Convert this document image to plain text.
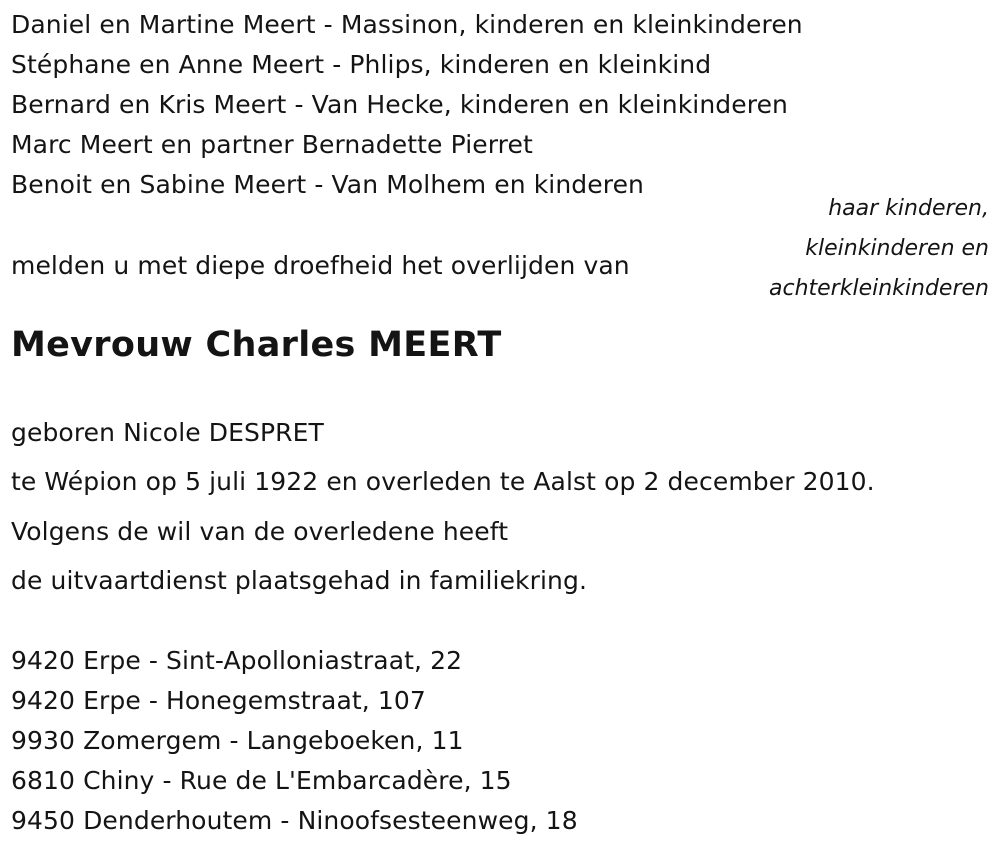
Daniel en Martine Meert - Massinon, kinderen en kleinkinderen
Stéphane en Anne Meert - Phlips, kinderen en kleinkind
Bernard en Kris Meert - Van Hecke, kinderen en kleinkinderen
Marc Meert en partner Bernadette Pierret
Benoit en Sabine Meert - Van Molhem en kinderen
haar kinderen,
kleinkinderen en
achterkleinkinderen
melden u met diepe droefheid het overlijden van
Mevrouw Charles MEERT
geboren Nicole DESPRET
te Wépion op 5 juli 1922 en overleden te Aalst op 2 december 2010.
Volgens de wil van de overledene heeft
de uitvaartdienst plaatsgehad in familiekring.
9420 Erpe - Sint-Apolloniastraat, 22
9420 Erpe - Honegemstraat, 107
9930 Zomergem - Langeboeken, 11
6810 Chiny - Rue de L'Embarcadère, 15
9450 Denderhoutem - Ninoofsesteenweg, 18
